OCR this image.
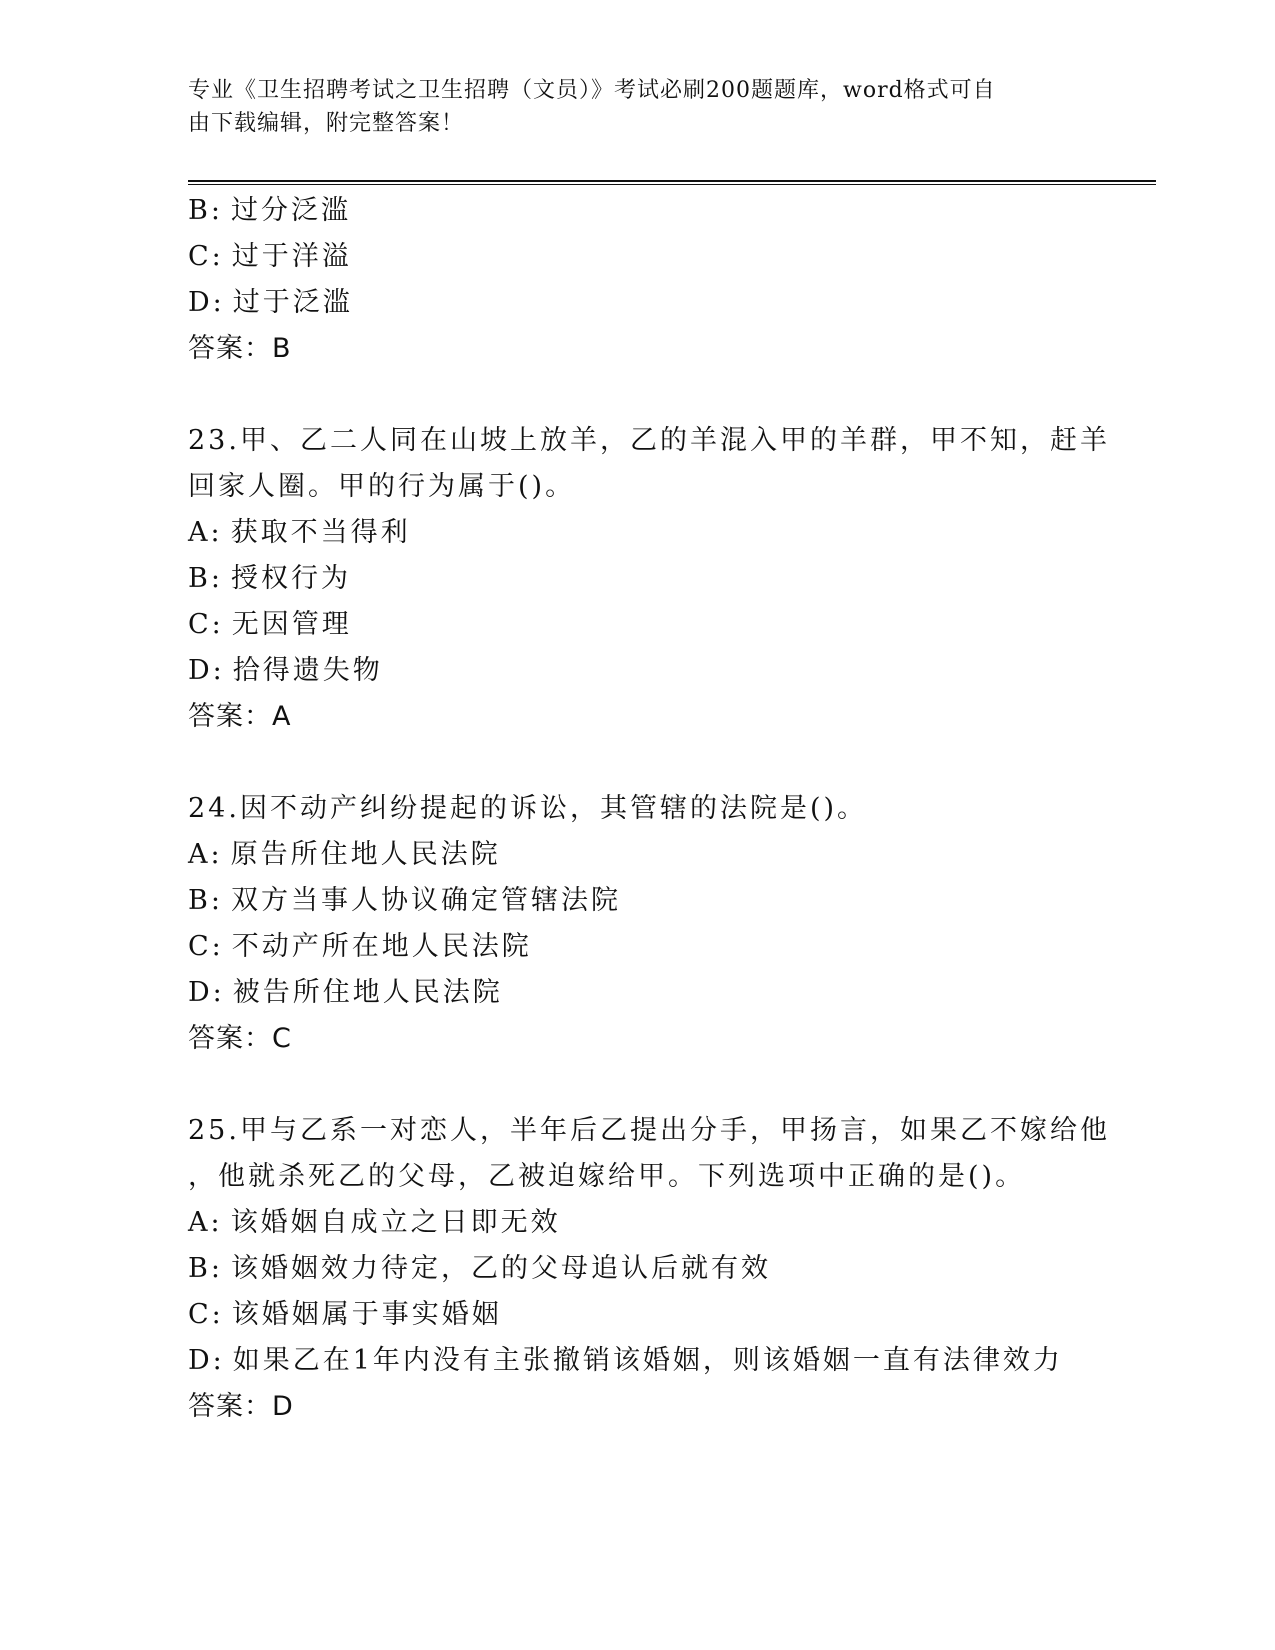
专业《卫生招聘考试之卫生招聘（文员）》考试必刷200题题库，word格式可自
由下载编辑，附完整答案！
B: 过分泛滥
C: 过于洋溢
D: 过于泛滥
答案：B
23.甲、乙二人同在山坡上放羊，乙的羊混入甲的羊群，甲不知，赶羊
回家人圈。甲的行为属于()。
A: 获取不当得利
B: 授权行为
C: 无因管理
D: 拾得遗失物
答案：A
24.因不动产纠纷提起的诉讼，其管辖的法院是()。
A: 原告所住地人民法院
B: 双方当事人协议确定管辖法院
C: 不动产所在地人民法院
D: 被告所住地人民法院
答案：C
25.甲与乙系一对恋人，半年后乙提出分手，甲扬言，如果乙不嫁给他
，他就杀死乙的父母，乙被迫嫁给甲。下列选项中正确的是()。
A: 该婚姻自成立之日即无效
B: 该婚姻效力待定，乙的父母追认后就有效
C: 该婚姻属于事实婚姻
D: 如果乙在1年内没有主张撤销该婚姻，则该婚姻一直有法律效力
答案：D
